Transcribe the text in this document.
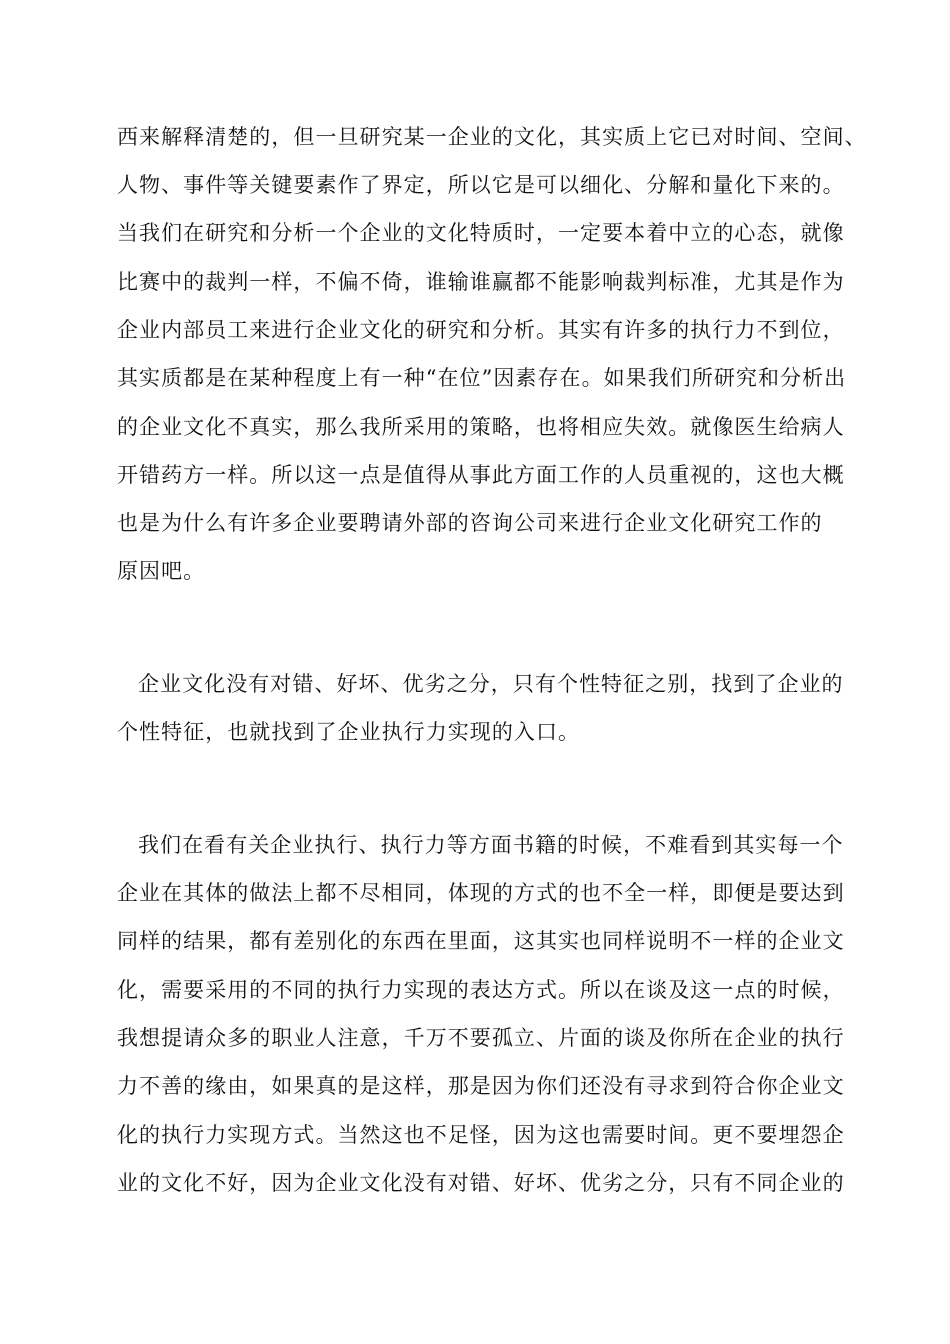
西来解释清楚的，但一旦研究某一企业的文化，其实质上它已对时间、空间、
人物、事件等关键要素作了界定，所以它是可以细化、分解和量化下来的。
当我们在研究和分析一个企业的文化特质时，一定要本着中立的心态，就像
比赛中的裁判一样，不偏不倚，谁输谁赢都不能影响裁判标准，尤其是作为
企业内部员工来进行企业文化的研究和分析。其实有许多的执行力不到位，
其实质都是在某种程度上有一种“在位”因素存在。如果我们所研究和分析出
的企业文化不真实，那么我所采用的策略，也将相应失效。就像医生给病人
开错药方一样。所以这一点是值得从事此方面工作的人员重视的，这也大概
也是为什么有许多企业要聘请外部的咨询公司来进行企业文化研究工作的
原因吧。
企业文化没有对错、好坏、优劣之分，只有个性特征之别，找到了企业的
个性特征，也就找到了企业执行力实现的入口。
我们在看有关企业执行、执行力等方面书籍的时候，不难看到其实每一个
企业在其体的做法上都不尽相同，体现的方式的也不全一样，即便是要达到
同样的结果，都有差别化的东西在里面，这其实也同样说明不一样的企业文
化，需要采用的不同的执行力实现的表达方式。所以在谈及这一点的时候，
我想提请众多的职业人注意，千万不要孤立、片面的谈及你所在企业的执行
力不善的缘由，如果真的是这样，那是因为你们还没有寻求到符合你企业文
化的执行力实现方式。当然这也不足怪，因为这也需要时间。更不要埋怨企
业的文化不好，因为企业文化没有对错、好坏、优劣之分，只有不同企业的
